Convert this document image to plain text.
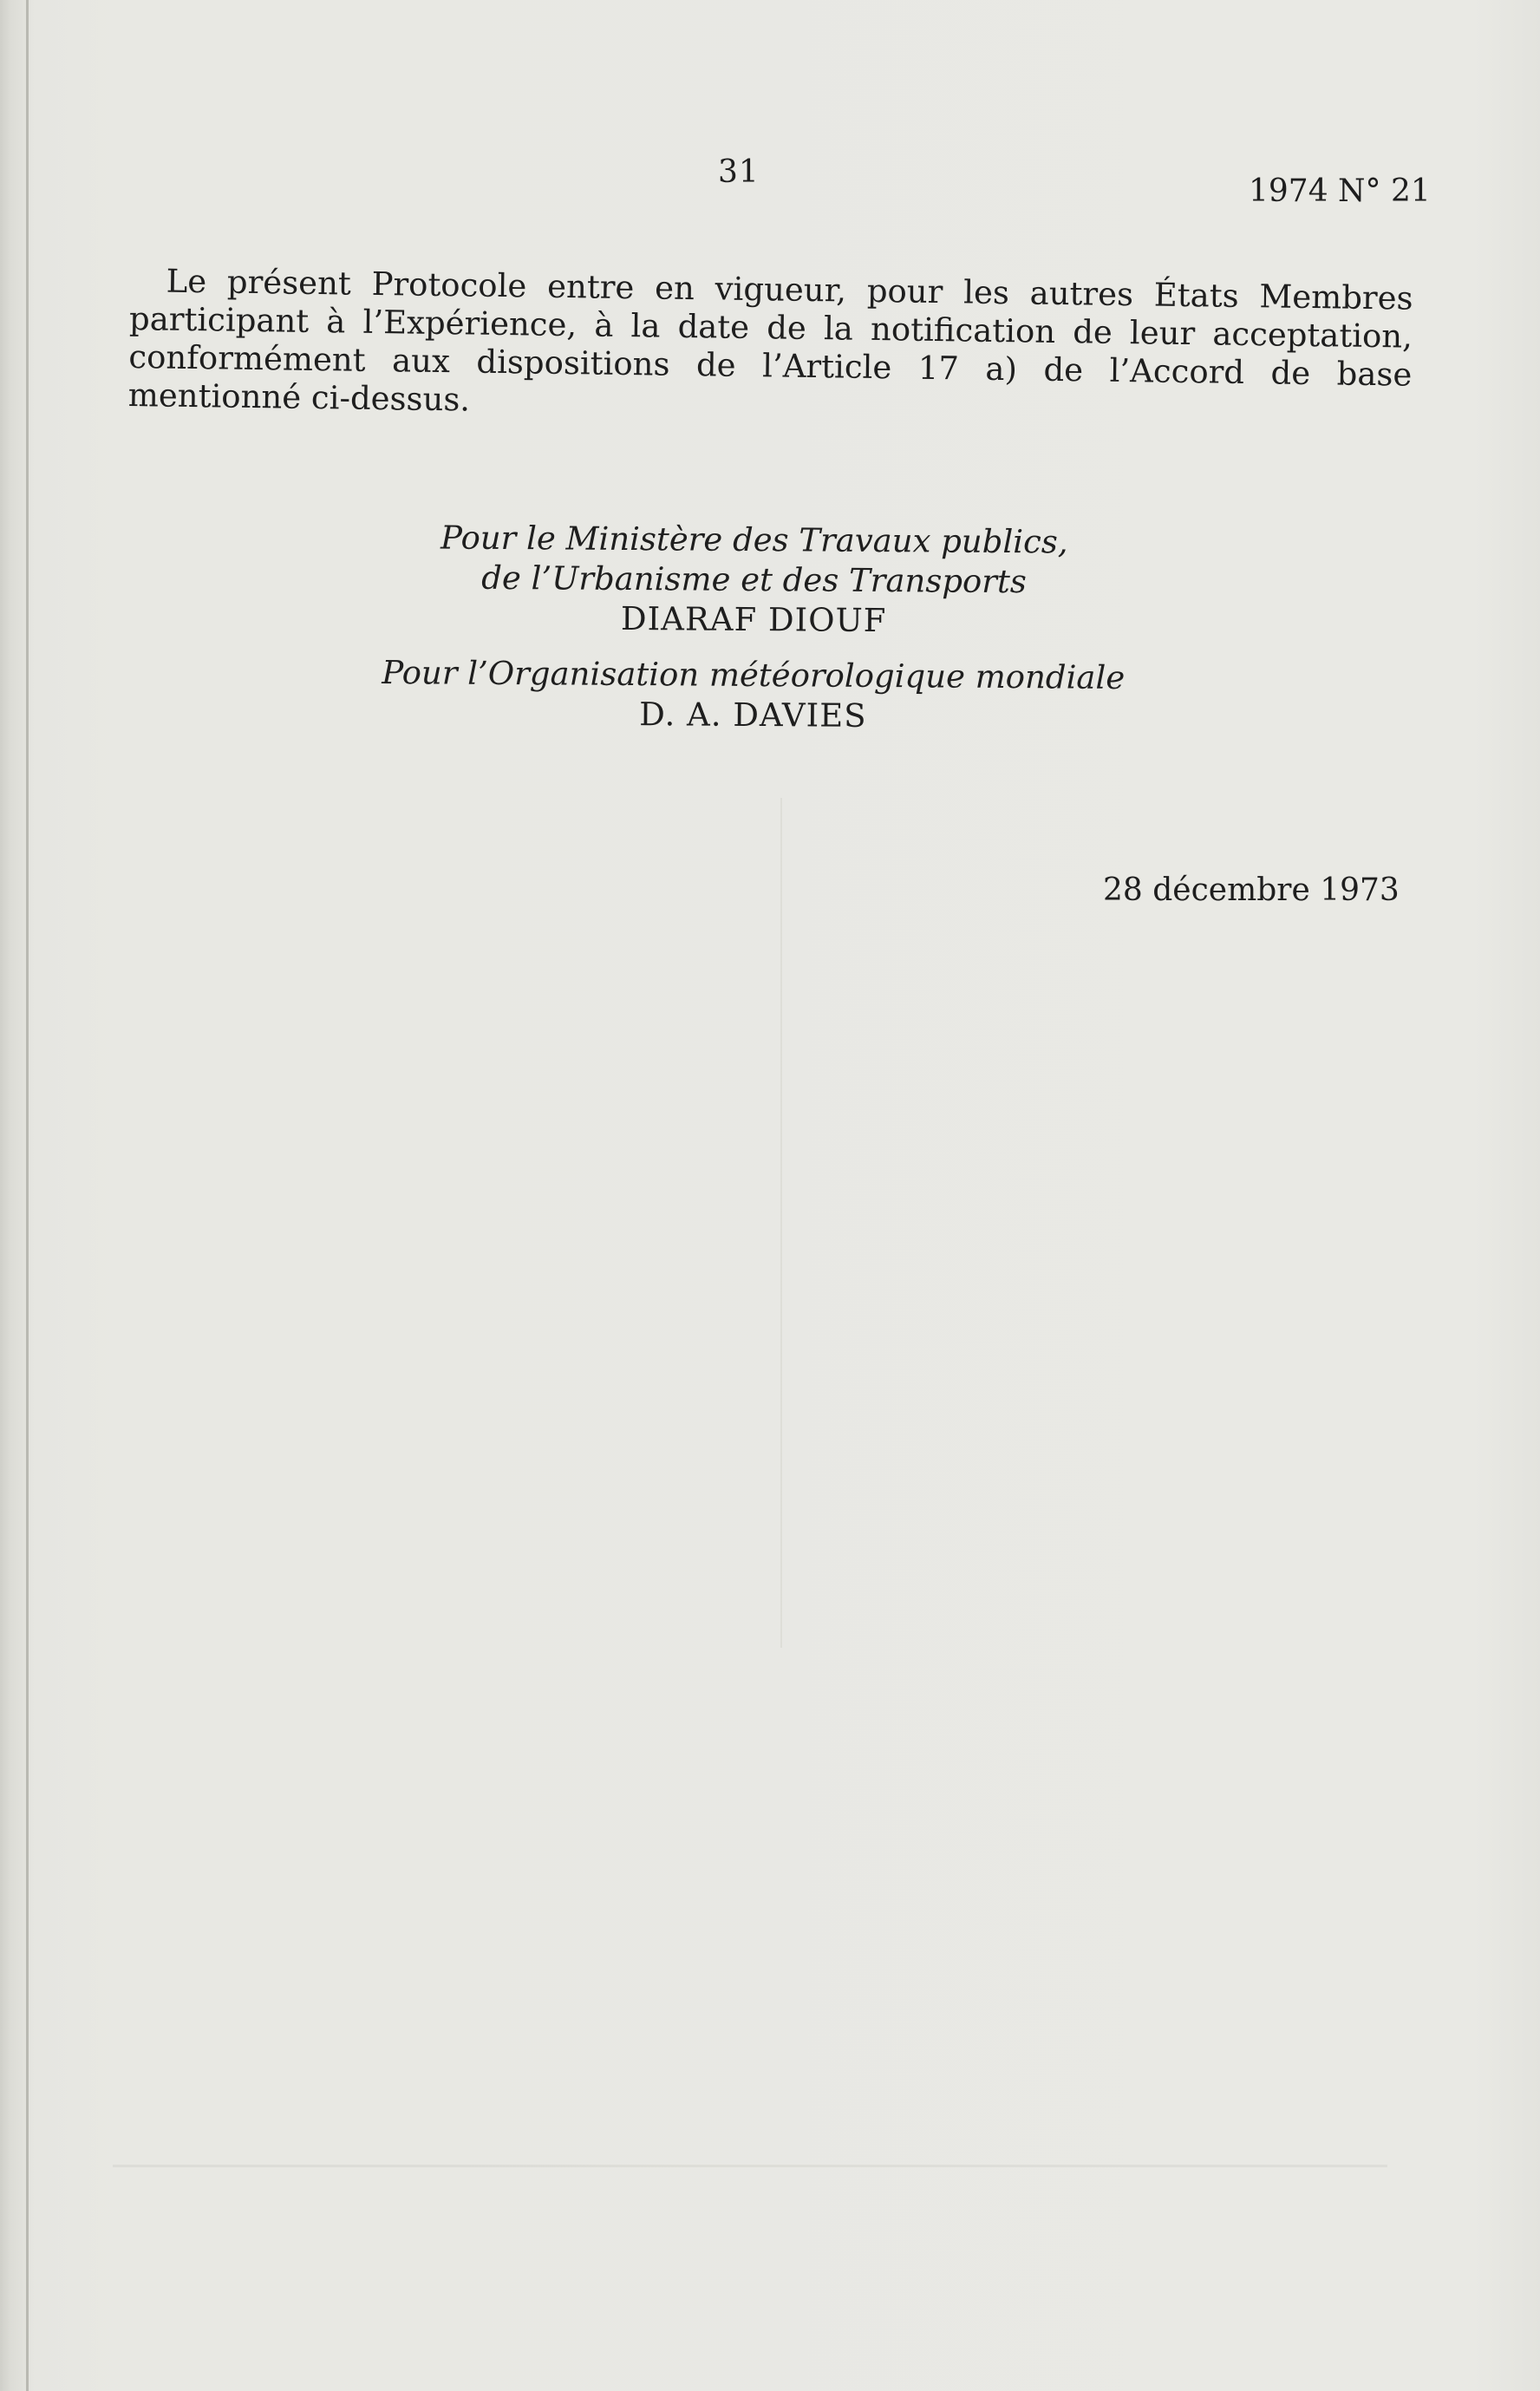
31
1974 N° 21

Le présent Protocole entre en vigueur, pour les autres États Membres participant à l’Expérience, à la date de la notification de leur acceptation, conformément aux dispositions de l’Article 17 a) de l’Accord de base mentionné ci-dessus.

Pour le Ministère des Travaux publics,
de l’Urbanisme et des Transports
DIARAF DIOUF
Pour l’Organisation météorologique mondiale
D. A. DAVIES
28 décembre 1973
